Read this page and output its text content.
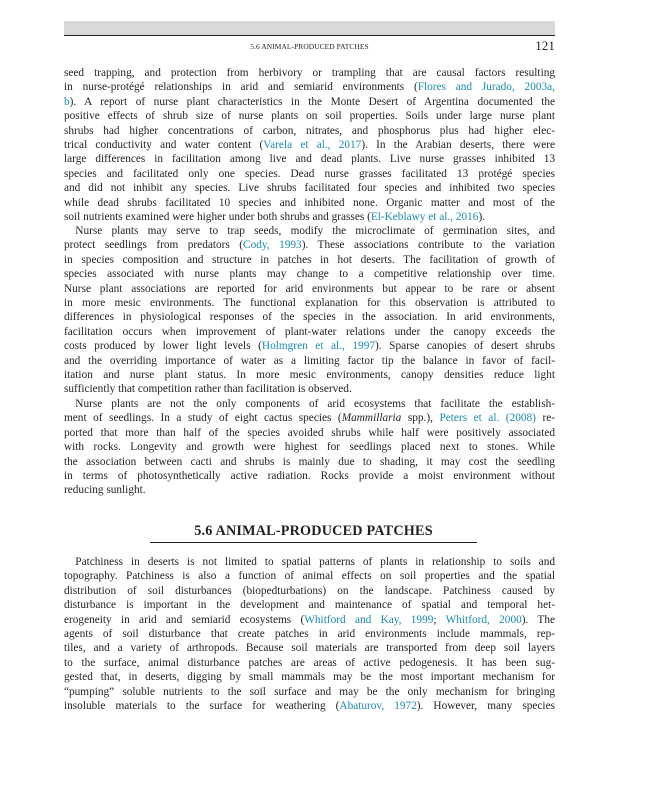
5.6 ANIMAL-PRODUCED PATCHES	121
seed trapping, and protection from herbivory or trampling that are causal factors resulting
in nurse-protégé relationships in arid and semiarid environments (Flores and Jurado, 2003a,
b). A report of nurse plant characteristics in the Monte Desert of Argentina documented the
positive effects of shrub size of nurse plants on soil properties. Soils under large nurse plant
shrubs had higher concentrations of carbon, nitrates, and phosphorus plus had higher elec-
trical conductivity and water content (Varela et al., 2017). In the Arabian deserts, there were
large differences in facilitation among live and dead plants. Live nurse grasses inhibited 13
species and facilitated only one species. Dead nurse grasses facilitated 13 protégé species
and did not inhibit any species. Live shrubs facilitated four species and inhibited two species
while dead shrubs facilitated 10 species and inhibited none. Organic matter and most of the
soil nutrients examined were higher under both shrubs and grasses (El-Keblawy et al., 2016).
 Nurse plants may serve to trap seeds, modify the microclimate of germination sites, and
protect seedlings from predators (Cody, 1993). These associations contribute to the variation
in species composition and structure in patches in hot deserts. The facilitation of growth of
species associated with nurse plants may change to a competitive relationship over time.
Nurse plant associations are reported for arid environments but appear to be rare or absent
in more mesic environments. The functional explanation for this observation is attributed to
differences in physiological responses of the species in the association. In arid environments,
facilitation occurs when improvement of plant-water relations under the canopy exceeds the
costs produced by lower light levels (Holmgren et al., 1997). Sparse canopies of desert shrubs
and the overriding importance of water as a limiting factor tip the balance in favor of facil-
itation and nurse plant status. In more mesic environments, canopy densities reduce light
sufficiently that competition rather than facilitation is observed.
 Nurse plants are not the only components of arid ecosystems that facilitate the establish-
ment of seedlings. In a study of eight cactus species (Mammillaria spp.), Peters et al. (2008) re-
ported that more than half of the species avoided shrubs while half were positively associated
with rocks. Longevity and growth were highest for seedlings placed next to stones. While
the association between cacti and shrubs is mainly due to shading, it may cost the seedling
in terms of photosynthetically active radiation. Rocks provide a moist environment without
reducing sunlight.
5.6 ANIMAL-PRODUCED PATCHES
 Patchiness in deserts is not limited to spatial patterns of plants in relationship to soils and
topography. Patchiness is also a function of animal effects on soil properties and the spatial
distribution of soil disturbances (biopedturbations) on the landscape. Patchiness caused by
disturbance is important in the development and maintenance of spatial and temporal het-
erogeneity in arid and semiarid ecosystems (Whitford and Kay, 1999; Whitford, 2000). The
agents of soil disturbance that create patches in arid environments include mammals, rep-
tiles, and a variety of arthropods. Because soil materials are transported from deep soil layers
to the surface, animal disturbance patches are areas of active pedogenesis. It has been sug-
gested that, in deserts, digging by small mammals may be the most important mechanism for
“pumping” soluble nutrients to the soil surface and may be the only mechanism for bringing
insoluble materials to the surface for weathering (Abaturov, 1972). However, many species
